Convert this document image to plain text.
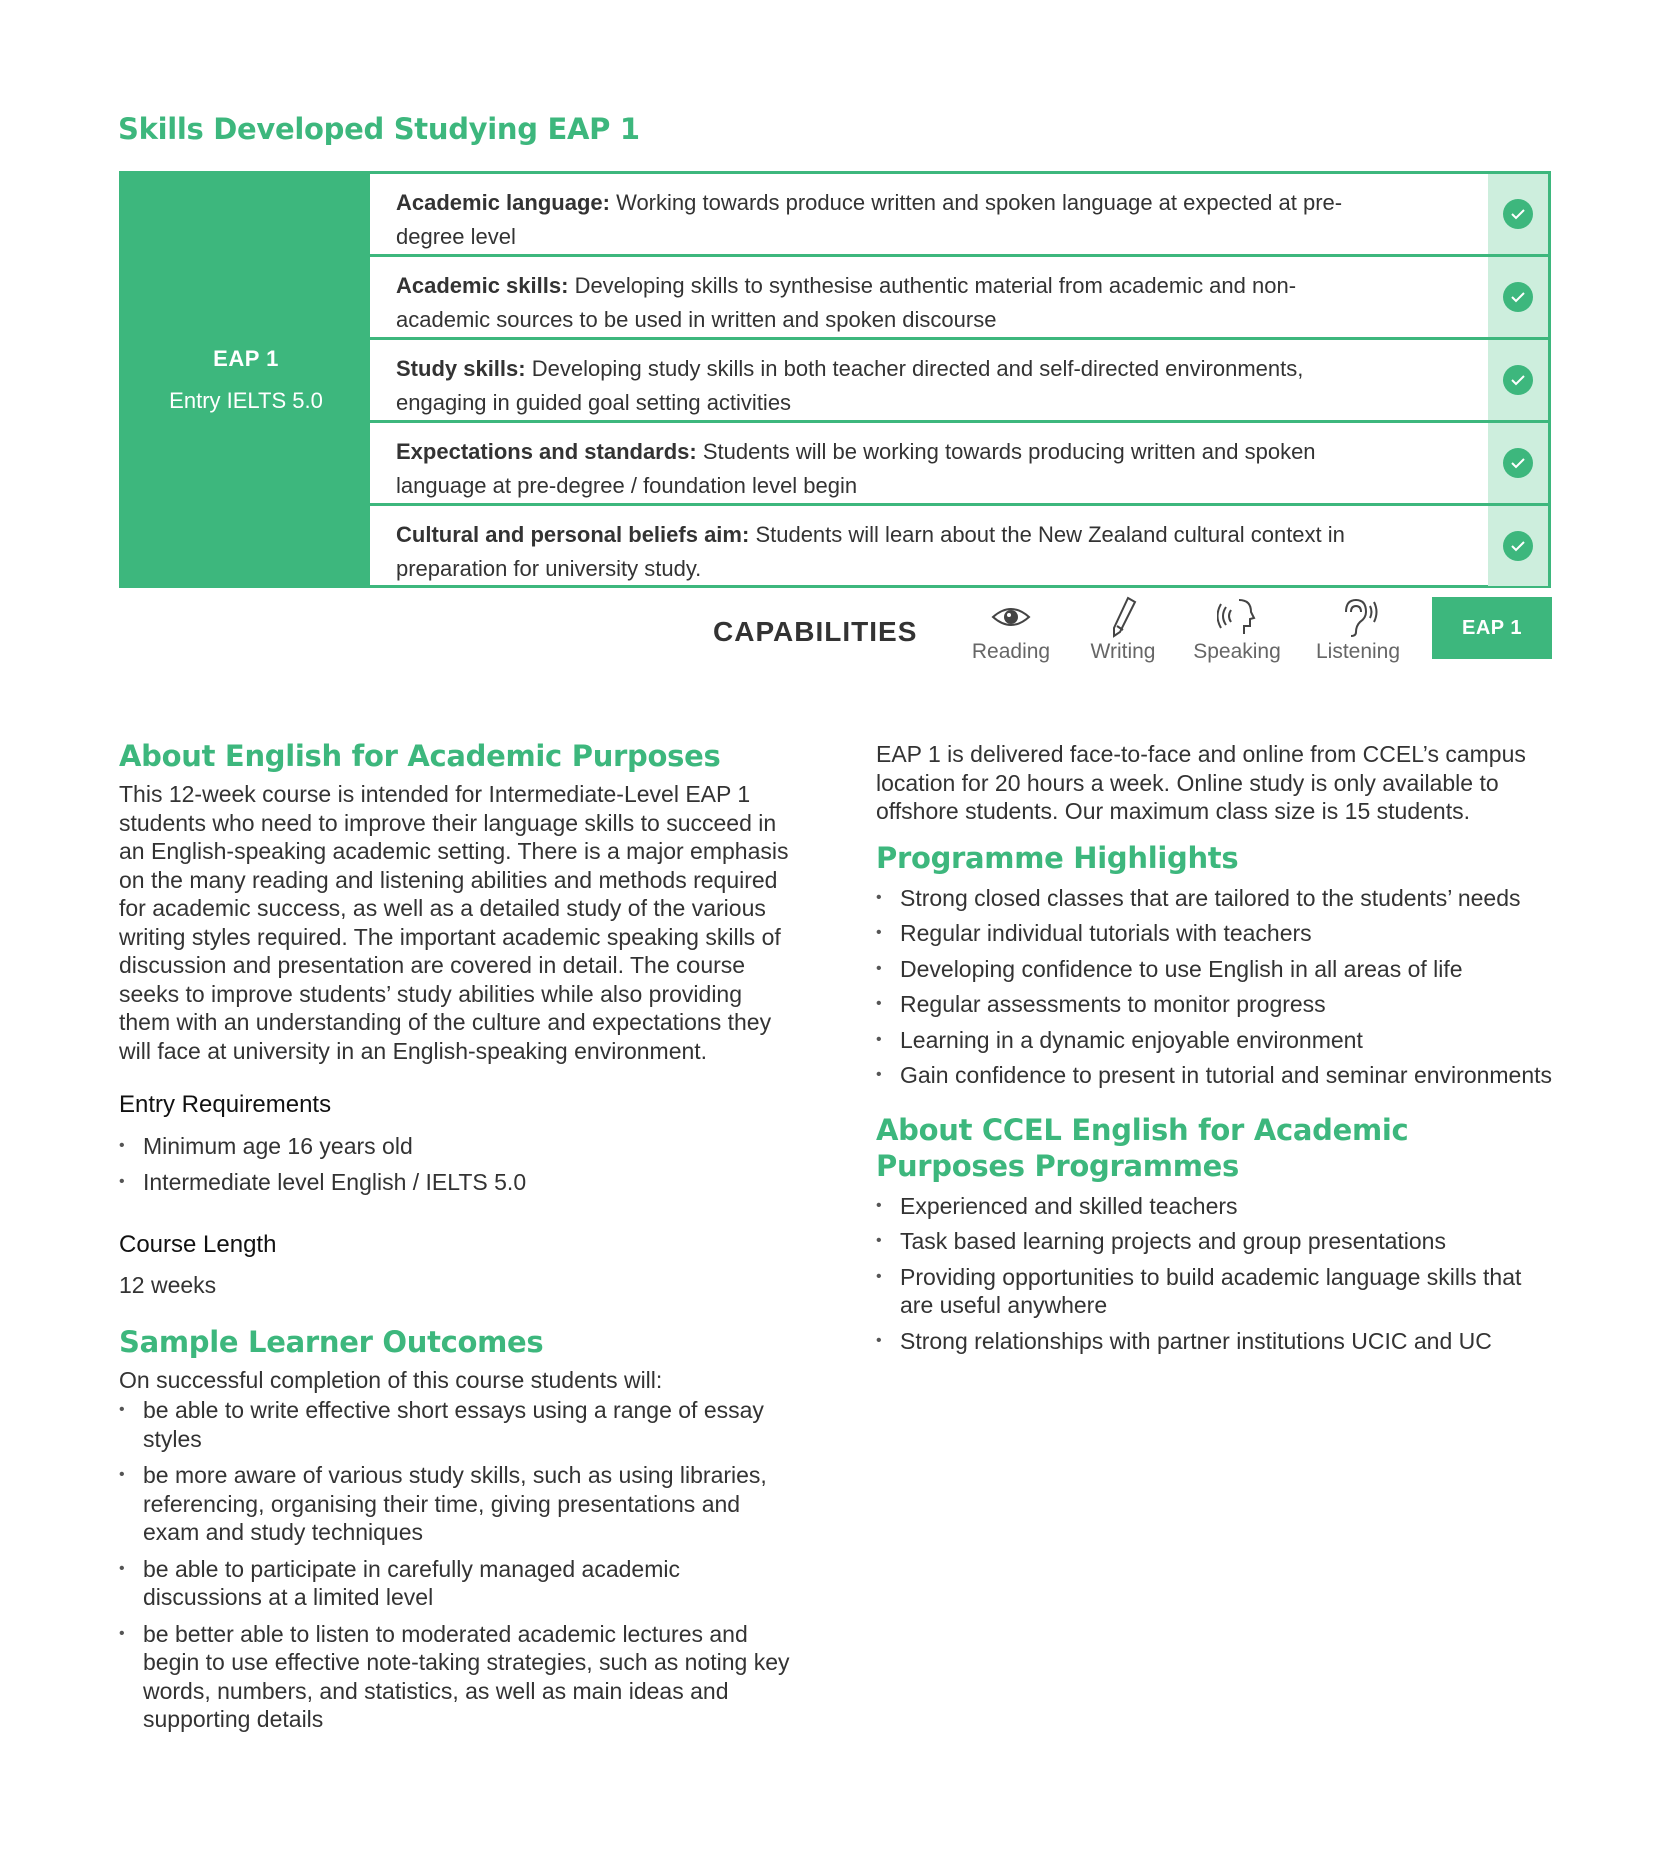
Skills Developed Studying EAP 1
EAP 1
Entry IELTS 5.0
Academic language: Working towards produce written and spoken language at expected at pre-degree level
Academic skills: Developing skills to synthesise authentic material from academic and non-academic sources to be used in written and spoken discourse
Study skills: Developing study skills in both teacher directed and self-directed environments, engaging in guided goal setting activities
Expectations and standards: Students will be working towards producing written and spoken language at pre-degree / foundation level begin
Cultural and personal beliefs aim: Students will learn about the New Zealand cultural context in preparation for university study.
CAPABILITIES
Reading	Writing	Speaking	Listening
EAP 1
About English for Academic Purposes

This 12-week course is intended for Intermediate-Level EAP 1 students who need to improve their language skills to succeed in an English-speaking academic setting. There is a major emphasis on the many reading and listening abilities and methods required for academic success, as well as a detailed study of the various writing styles required. The important academic speaking skills of discussion and presentation are covered in detail. The course seeks to improve students’ study abilities while also providing them with an understanding of the culture and expectations they will face at university in an English-speaking environment.

Entry Requirements
• Minimum age 16 years old
• Intermediate level English / IELTS 5.0
Course Length

12 weeks

Sample Learner Outcomes

On successful completion of this course students will:

• be able to write effective short essays using a range of essay styles
• be more aware of various study skills, such as using libraries, referencing, organising their time, giving presentations and exam and study techniques
• be able to participate in carefully managed academic discussions at a limited level
• be better able to listen to moderated academic lectures and begin to use effective note-taking strategies, such as noting key words, numbers, and statistics, as well as main ideas and supporting details

EAP 1 is delivered face-to-face and online from CCEL’s campus location for 20 hours a week. Online study is only available to offshore students. Our maximum class size is 15 students.

Programme Highlights
• Strong closed classes that are tailored to the students’ needs
• Regular individual tutorials with teachers
• Developing confidence to use English in all areas of life
• Regular assessments to monitor progress
• Learning in a dynamic enjoyable environment
• Gain confidence to present in tutorial and seminar environments
About CCEL English for Academic Purposes Programmes
• Experienced and skilled teachers
• Task based learning projects and group presentations
• Providing opportunities to build academic language skills that are useful anywhere
• Strong relationships with partner institutions UCIC and UC
